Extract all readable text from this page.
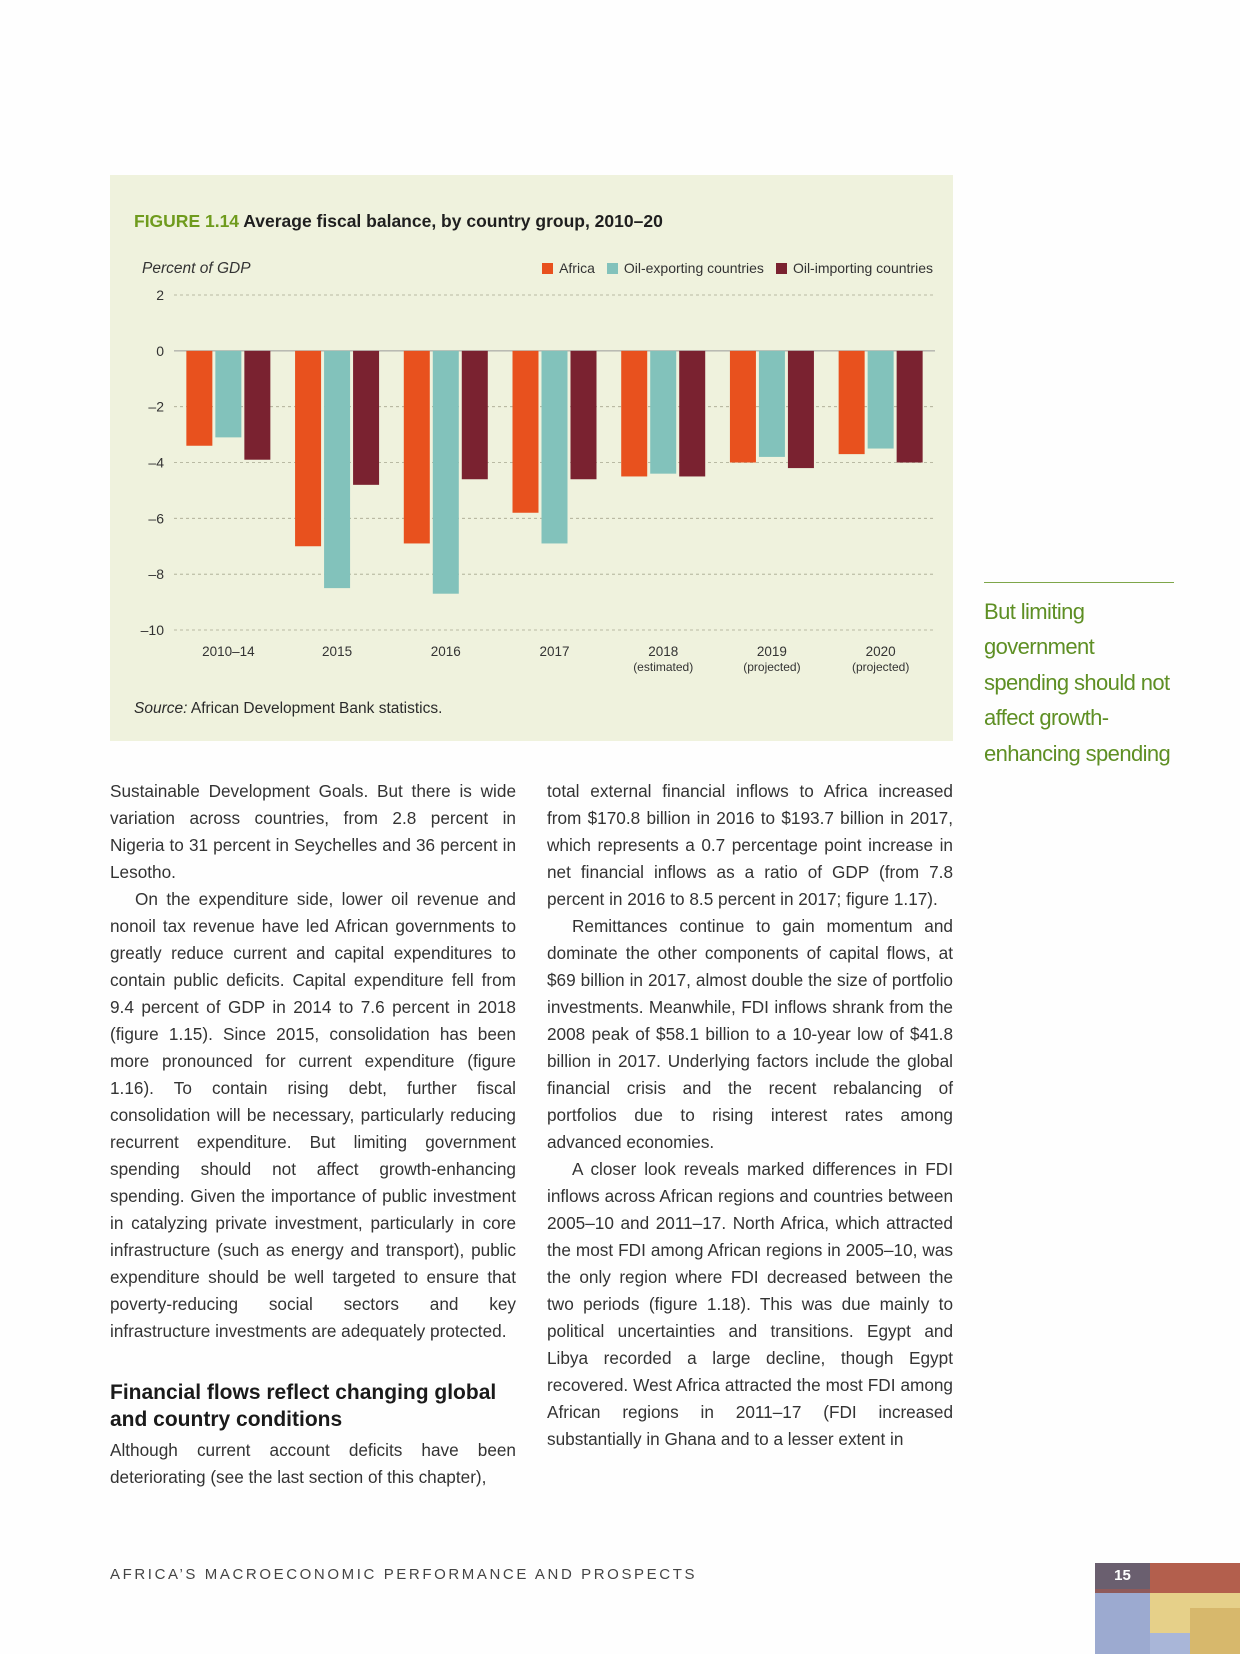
FIGURE 1.14 Average fiscal balance, by country group, 2010–20
Percent of GDP	Africa Oil-exporting countries Oil-importing countries
2
0
–2
–4
–6
–8
–10
2010–14	2015	2016	2017	2018
(estimated)
2019
(projected)
2020
(projected)
Source: African Development Bank statistics.
But limiting government spending should not affect growth-enhancing spending

Sustainable Development Goals. But there is wide variation across countries, from 2.8 percent in Nigeria to 31 percent in Seychelles and 36 percent in Lesotho.

On the expenditure side, lower oil revenue and nonoil tax revenue have led African governments to greatly reduce current and capital expenditures to contain public deficits. Capital expenditure fell from 9.4 percent of GDP in 2014 to 7.6 percent in 2018 (figure 1.15). Since 2015, consolidation has been more pronounced for current expenditure (figure 1.16). To contain rising debt, further fiscal consolidation will be necessary, particularly reducing recurrent expenditure. But limiting government spending should not affect growth-enhancing spending. Given the importance of public investment in catalyzing private investment, particularly in core infrastructure (such as energy and transport), public expenditure should be well targeted to ensure that poverty-reducing social sectors and key infrastructure investments are adequately protected.

Financial flows reflect changing global and country conditions

Although current account deficits have been deteriorating (see the last section of this chapter),

total external financial inflows to Africa increased from $170.8 billion in 2016 to $193.7 billion in 2017, which represents a 0.7 percentage point increase in net financial inflows as a ratio of GDP (from 7.8 percent in 2016 to 8.5 percent in 2017; figure 1.17).

Remittances continue to gain momentum and dominate the other components of capital flows, at $69 billion in 2017, almost double the size of portfolio investments. Meanwhile, FDI inflows shrank from the 2008 peak of $58.1 billion to a 10-year low of $41.8 billion in 2017. Underlying factors include the global financial crisis and the recent rebalancing of portfolios due to rising interest rates among advanced economies.

A closer look reveals marked differences in FDI inflows across African regions and countries between 2005–10 and 2011–17. North Africa, which attracted the most FDI among African regions in 2005–10, was the only region where FDI decreased between the two periods (figure 1.18). This was due mainly to political uncertainties and transitions. Egypt and Libya recorded a large decline, though Egypt recovered. West Africa attracted the most FDI among African regions in 2011–17 (FDI increased substantially in Ghana and to a lesser extent in

AFRICA’S MACROECONOMIC PERFORMANCE AND PROSPECTS	15
